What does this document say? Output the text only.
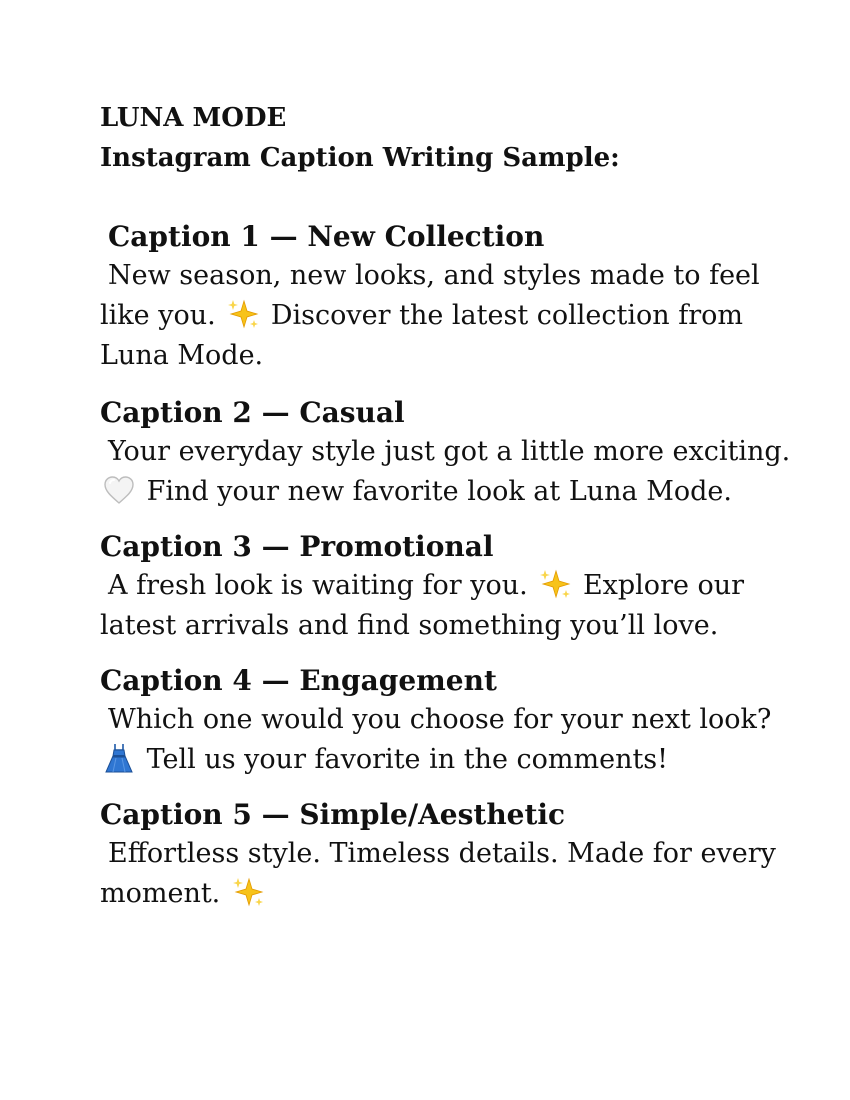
LUNA MODE

Instagram Caption Writing Sample:

Caption 1 — New Collection

New season, new looks, and styles made to feel like you. Discover the latest collection from Luna Mode.

Caption 2 — Casual

Your everyday style just got a little more exciting.
Find your new favorite look at Luna Mode.

Caption 3 — Promotional

A fresh look is waiting for you. Explore our latest arrivals and find something you’ll love.

Caption 4 — Engagement

Which one would you choose for your next look?
Tell us your favorite in the comments!

Caption 5 — Simple/Aesthetic

Effortless style. Timeless details. Made for every moment.
